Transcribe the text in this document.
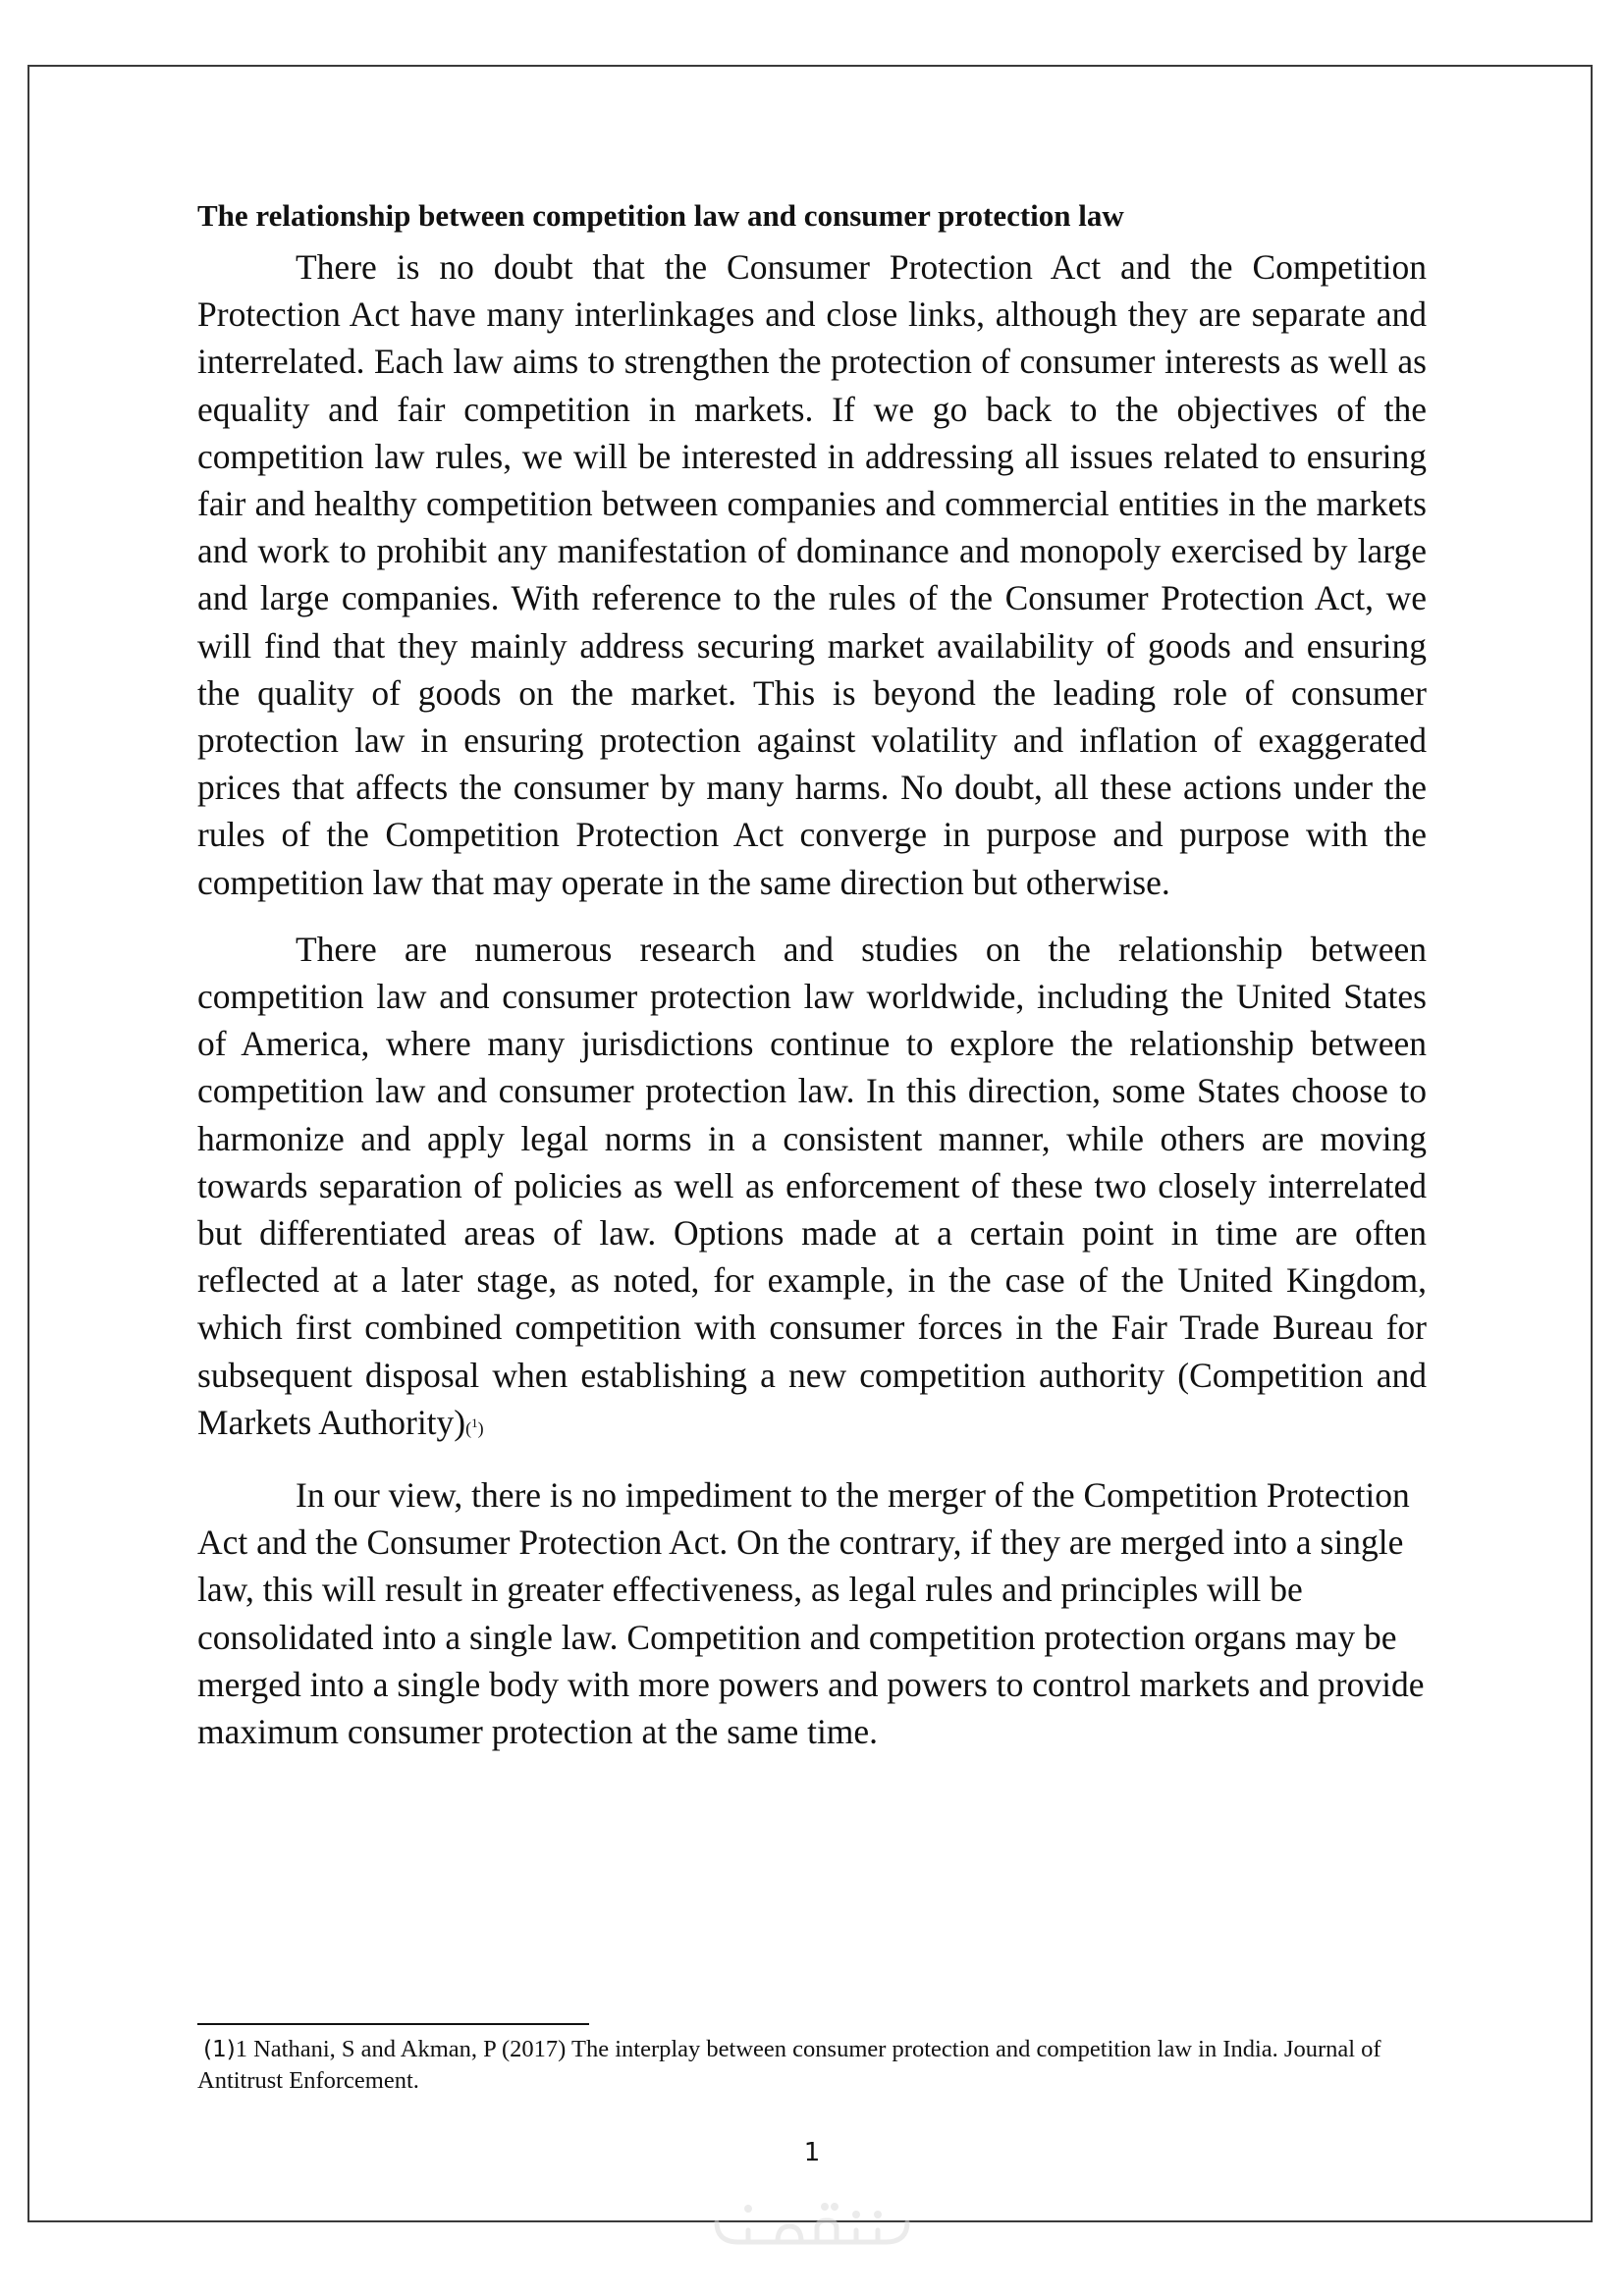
The relationship between competition law and consumer protection law

There is no doubt that the Consumer Protection Act and the Competition Protection Act have many interlinkages and close links, although they are separate and interrelated. Each law aims to strengthen the protection of consumer interests as well as equality and fair competition in markets. If we go back to the objectives of the competition law rules, we will be interested in addressing all issues related to ensuring fair and healthy competition between companies and commercial entities in the markets and work to prohibit any manifestation of dominance and monopoly exercised by large and large companies. With reference to the rules of the Consumer Protection Act, we will find that they mainly address securing market availability of goods and ensuring the quality of goods on the market. This is beyond the leading role of consumer protection law in ensuring protection against volatility and inflation of exaggerated prices that affects the consumer by many harms. No doubt, all these actions under the rules of the Competition Protection Act converge in purpose and purpose with the competition law that may operate in the same direction but otherwise.

There are numerous research and studies on the relationship between competition law and consumer protection law worldwide, including the United States of America, where many jurisdictions continue to explore the relationship between competition law and consumer protection law. In this direction, some States choose to harmonize and apply legal norms in a consistent manner, while others are moving towards separation of policies as well as enforcement of these two closely interrelated but differentiated areas of law. Options made at a certain point in time are often reflected at a later stage, as noted, for example, in the case of the United Kingdom, which first combined competition with consumer forces in the Fair Trade Bureau for subsequent disposal when establishing a new competition authority (Competition and Markets Authority)($^1$)

In our view, there is no impediment to the merger of the Competition Protection Act and the Consumer Protection Act. On the contrary, if they are merged into a single law, this will result in greater effectiveness, as legal rules and principles will be consolidated into a single law. Competition and competition protection organs may be merged into a single body with more powers and powers to control markets and provide maximum consumer protection at the same time.

(1)1 Nathani, S and Akman, P (2017) The interplay between consumer protection and competition law in India. Journal of Antitrust Enforcement.
1
